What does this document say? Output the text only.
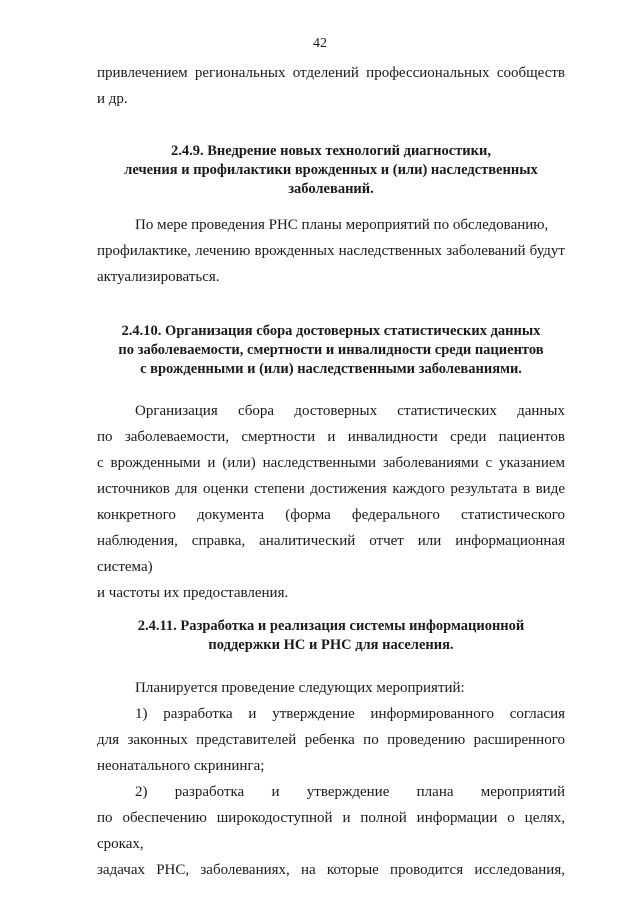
42
привлечением региональных отделений профессиональных сообществ
и др.
2.4.9. Внедрение новых технологий диагностики,
лечения и профилактики врожденных и (или) наследственных
заболеваний.
По мере проведения РНС планы мероприятий по обследованию,
профилактике, лечению врожденных наследственных заболеваний будут
актуализироваться.
2.4.10. Организация сбора достоверных статистических данных
по заболеваемости, смертности и инвалидности среди пациентов
с врожденными и (или) наследственными заболеваниями.
Организация сбора достоверных статистических данных
по заболеваемости, смертности и инвалидности среди пациентов
с врожденными и (или) наследственными заболеваниями с указанием
источников для оценки степени достижения каждого результата в виде
конкретного документа (форма федерального статистического
наблюдения, справка, аналитический отчет или информационная система)
и частоты их предоставления.
2.4.11. Разработка и реализация системы информационной
поддержки НС и РНС для населения.
Планируется проведение следующих мероприятий:
1) разработка и утверждение информированного согласия
для законных представителей ребенка по проведению расширенного
неонатального скрининга;
2) разработка и утверждение плана мероприятий
по обеспечению широкодоступной и полной информации о целях, сроках,
задачах РНС, заболеваниях, на которые проводится исследования,
